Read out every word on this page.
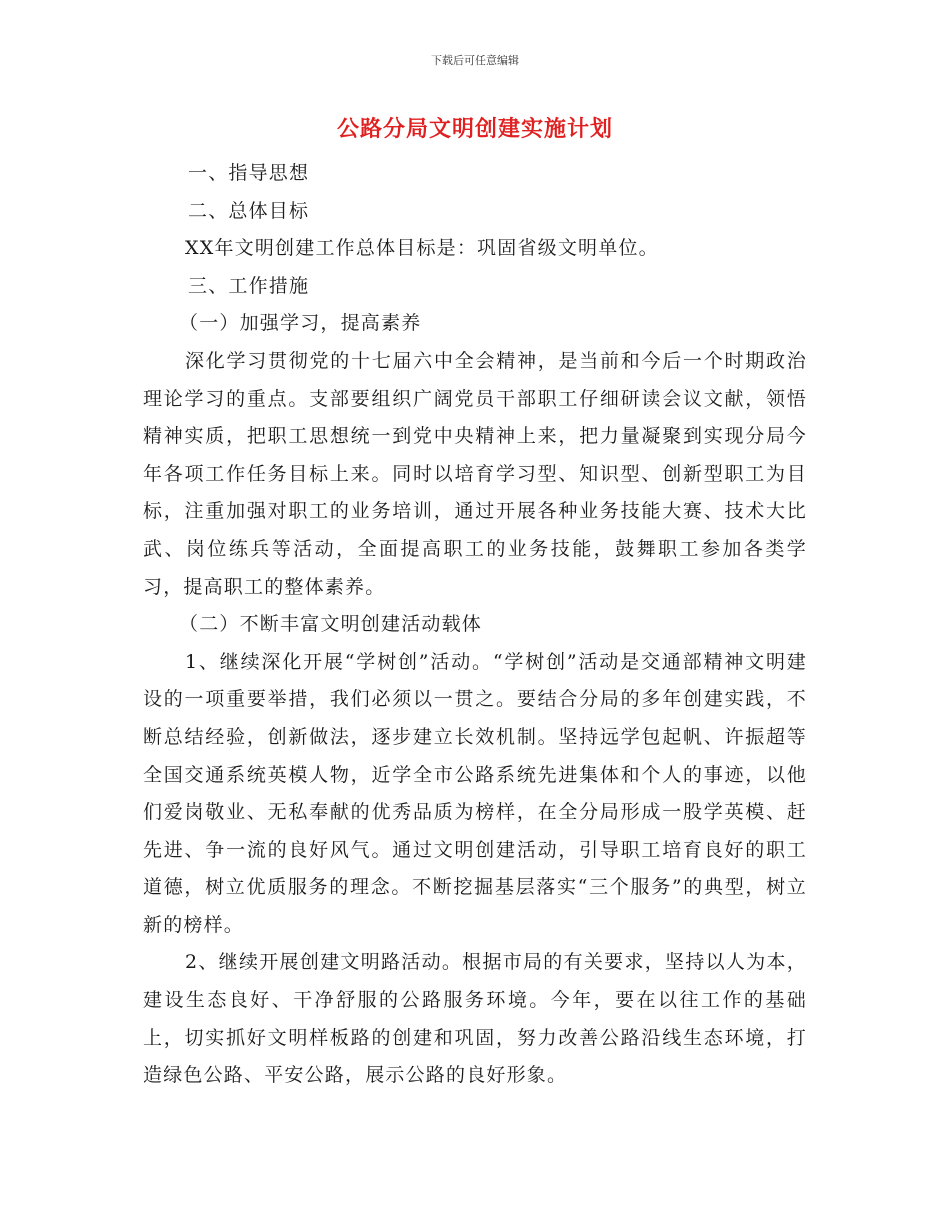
下载后可任意编辑
公路分局文明创建实施计划

一、指导思想

二、总体目标

XX年文明创建工作总体目标是：巩固省级文明单位。

三、工作措施

（一）加强学习，提高素养

深化学习贯彻党的十七届六中全会精神，是当前和今后一个时期政治理论学习的重点。支部要组织广阔党员干部职工仔细研读会议文献，领悟精神实质，把职工思想统一到党中央精神上来，把力量凝聚到实现分局今年各项工作任务目标上来。同时以培育学习型、知识型、创新型职工为目标，注重加强对职工的业务培训，通过开展各种业务技能大赛、技术大比武、岗位练兵等活动，全面提高职工的业务技能，鼓舞职工参加各类学习，提高职工的整体素养。

（二）不断丰富文明创建活动载体

1、继续深化开展“学树创”活动。“学树创”活动是交通部精神文明建设的一项重要举措，我们必须以一贯之。要结合分局的多年创建实践，不断总结经验，创新做法，逐步建立长效机制。坚持远学包起帆、许振超等全国交通系统英模人物，近学全市公路系统先进集体和个人的事迹，以他们爱岗敬业、无私奉献的优秀品质为榜样，在全分局形成一股学英模、赶先进、争一流的良好风气。通过文明创建活动，引导职工培育良好的职工道德，树立优质服务的理念。不断挖掘基层落实“三个服务”的典型，树立新的榜样。

2、继续开展创建文明路活动。根据市局的有关要求，坚持以人为本，建设生态良好、干净舒服的公路服务环境。今年，要在以往工作的基础上，切实抓好文明样板路的创建和巩固，努力改善公路沿线生态环境，打造绿色公路、平安公路，展示公路的良好形象。
